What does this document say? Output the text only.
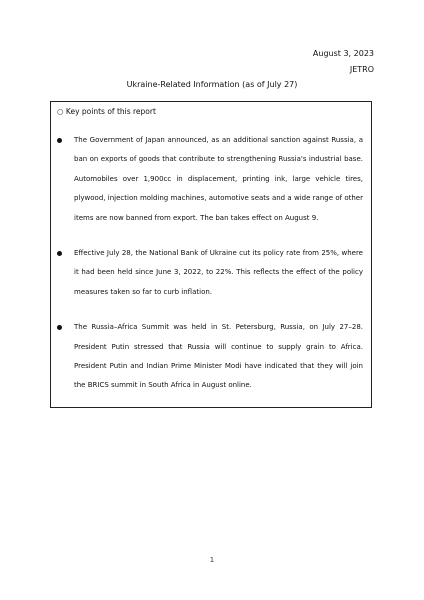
August 3, 2023
JETRO
Ukraine-Related Information (as of July 27)
○ Key points of this report
The Government of Japan announced, as an additional sanction against Russia, a ban on exports of goods that contribute to strengthening Russia's industrial base. Automobiles over 1,900cc in displacement, printing ink, large vehicle tires, plywood, injection molding machines, automotive seats and a wide range of other items are now banned from export. The ban takes effect on August 9.
Effective July 28, the National Bank of Ukraine cut its policy rate from 25%, where it had been held since June 3, 2022, to 22%. This reflects the effect of the policy measures taken so far to curb inflation.
The Russia–Africa Summit was held in St. Petersburg, Russia, on July 27–28. President Putin stressed that Russia will continue to supply grain to Africa. President Putin and Indian Prime Minister Modi have indicated that they will join the BRICS summit in South Africa in August online.
1
